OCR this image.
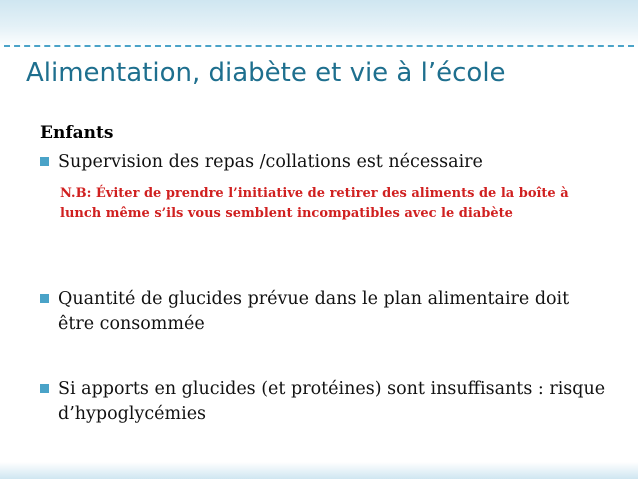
Alimentation, diabète et vie à l’école
Enfants
Supervision des repas /collations est nécessaire
N.B: Éviter de prendre l’initiative de retirer des aliments de la boîte à lunch même s’ils vous semblent incompatibles avec le diabète
Quantité de glucides prévue dans le plan alimentaire doit être consommée
Si apports en glucides (et protéines) sont insuffisants : risque d’hypoglycémies
